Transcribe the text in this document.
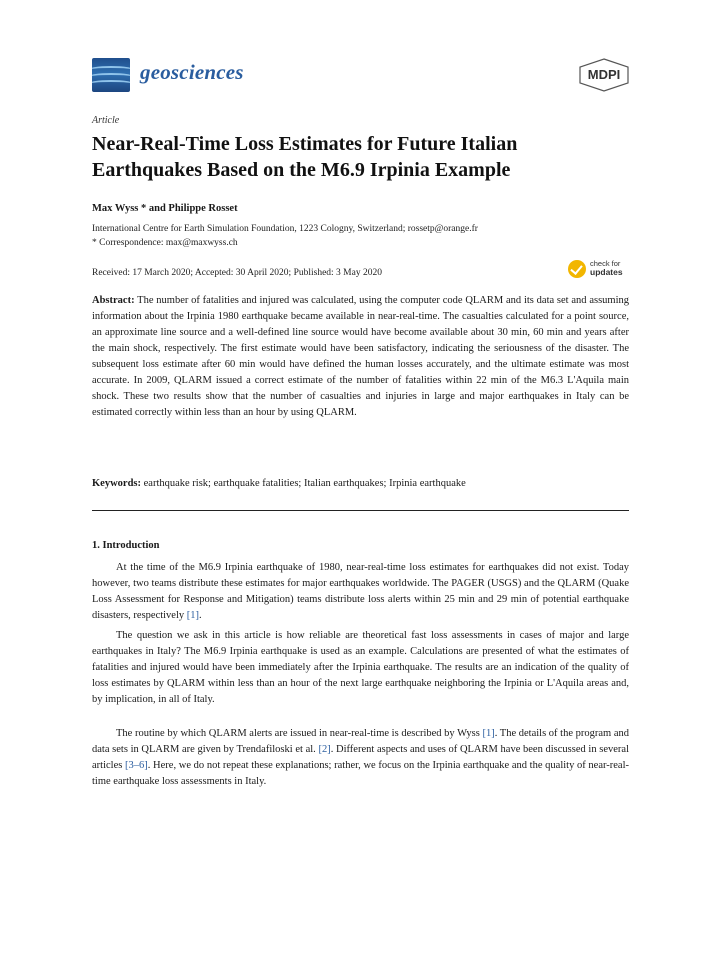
geosciences	MDPI
Article
Near-Real-Time Loss Estimates for Future Italian Earthquakes Based on the M6.9 Irpinia Example
Max Wyss * and Philippe Rosset
International Centre for Earth Simulation Foundation, 1223 Cologny, Switzerland; rossetp@orange.fr
* Correspondence: max@maxwyss.ch
Received: 17 March 2020; Accepted: 30 April 2020; Published: 3 May 2020
check for
updates
Abstract: The number of fatalities and injured was calculated, using the computer code QLARM and its data set and assuming information about the Irpinia 1980 earthquake became available in near-real-time. The casualties calculated for a point source, an approximate line source and a well-defined line source would have become available about 30 min, 60 min and years after the main shock, respectively. The first estimate would have been satisfactory, indicating the seriousness of the disaster. The subsequent loss estimate after 60 min would have defined the human losses accurately, and the ultimate estimate was most accurate. In 2009, QLARM issued a correct estimate of the number of fatalities within 22 min of the M6.3 L'Aquila main shock. These two results show that the number of casualties and injuries in large and major earthquakes in Italy can be estimated correctly within less than an hour by using QLARM.
Keywords: earthquake risk; earthquake fatalities; Italian earthquakes; Irpinia earthquake
1. Introduction
At the time of the M6.9 Irpinia earthquake of 1980, near-real-time loss estimates for earthquakes did not exist. Today however, two teams distribute these estimates for major earthquakes worldwide. The PAGER (USGS) and the QLARM (Quake Loss Assessment for Response and Mitigation) teams distribute loss alerts within 25 min and 29 min of potential earthquake disasters, respectively [1].
The question we ask in this article is how reliable are theoretical fast loss assessments in cases of major and large earthquakes in Italy? The M6.9 Irpinia earthquake is used as an example. Calculations are presented of what the estimates of fatalities and injured would have been immediately after the Irpinia earthquake. The results are an indication of the quality of loss estimates by QLARM within less than an hour of the next large earthquake neighboring the Irpinia or L'Aquila areas and, by implication, in all of Italy.
The routine by which QLARM alerts are issued in near-real-time is described by Wyss [1]. The details of the program and data sets in QLARM are given by Trendafiloski et al. [2]. Different aspects and uses of QLARM have been discussed in several articles [3–6]. Here, we do not repeat these explanations; rather, we focus on the Irpinia earthquake and the quality of near-real-time earthquake loss assessments in Italy.
